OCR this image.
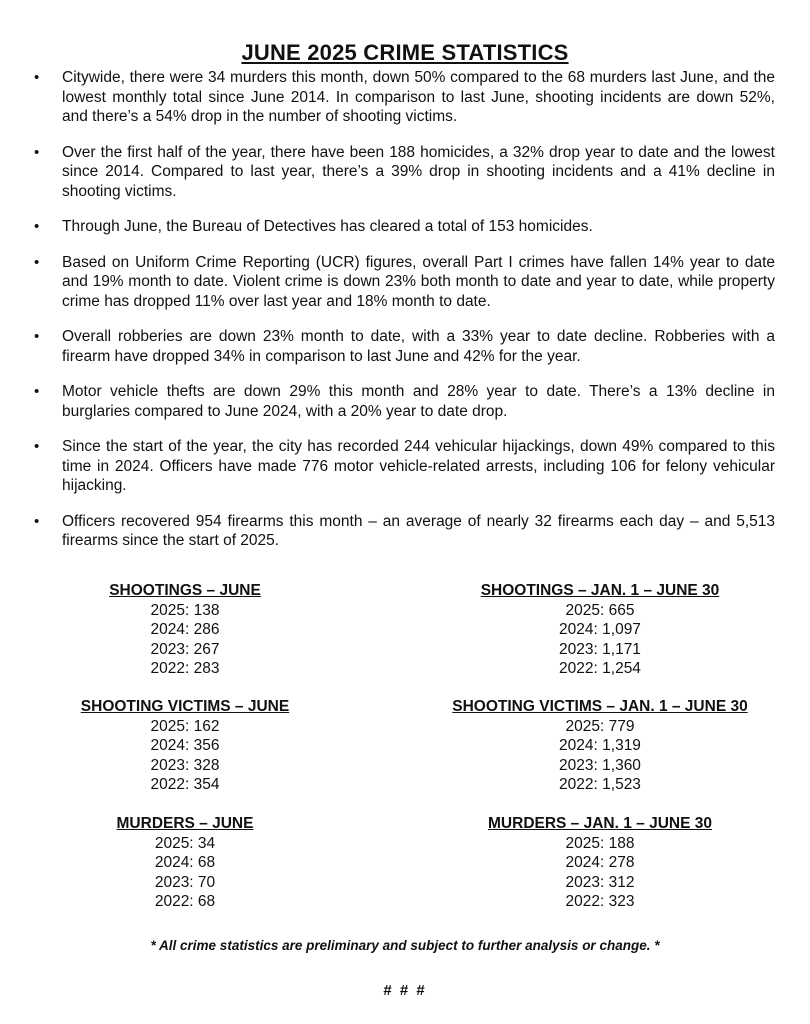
JUNE 2025 CRIME STATISTICS
• Citywide, there were 34 murders this month, down 50% compared to the 68 murders last June, and the lowest monthly total since June 2014. In comparison to last June, shooting incidents are down 52%, and there’s a 54% drop in the number of shooting victims.
• Over the first half of the year, there have been 188 homicides, a 32% drop year to date and the lowest since 2014. Compared to last year, there’s a 39% drop in shooting incidents and a 41% decline in shooting victims.
• Through June, the Bureau of Detectives has cleared a total of 153 homicides.
• Based on Uniform Crime Reporting (UCR) figures, overall Part I crimes have fallen 14% year to date and 19% month to date. Violent crime is down 23% both month to date and year to date, while property crime has dropped 11% over last year and 18% month to date.
• Overall robberies are down 23% month to date, with a 33% year to date decline. Robberies with a firearm have dropped 34% in comparison to last June and 42% for the year.
• Motor vehicle thefts are down 29% this month and 28% year to date. There’s a 13% decline in burglaries compared to June 2024, with a 20% year to date drop.
• Since the start of the year, the city has recorded 244 vehicular hijackings, down 49% compared to this time in 2024. Officers have made 776 motor vehicle-related arrests, including 106 for felony vehicular hijacking.
• Officers recovered 954 firearms this month – an average of nearly 32 firearms each day – and 5,513 firearms since the start of 2025.
SHOOTINGS – JUNE
2025: 138
2024: 286
2023: 267
2022: 283
SHOOTINGS – JAN. 1 – JUNE 30
2025: 665
2024: 1,097
2023: 1,171
2022: 1,254
SHOOTING VICTIMS – JUNE
2025: 162
2024: 356
2023: 328
2022: 354
SHOOTING VICTIMS – JAN. 1 – JUNE 30
2025: 779
2024: 1,319
2023: 1,360
2022: 1,523
MURDERS – JUNE
2025: 34
2024: 68
2023: 70
2022: 68
MURDERS – JAN. 1 – JUNE 30
2025: 188
2024: 278
2023: 312
2022: 323
* All crime statistics are preliminary and subject to further analysis or change. *
# # #
